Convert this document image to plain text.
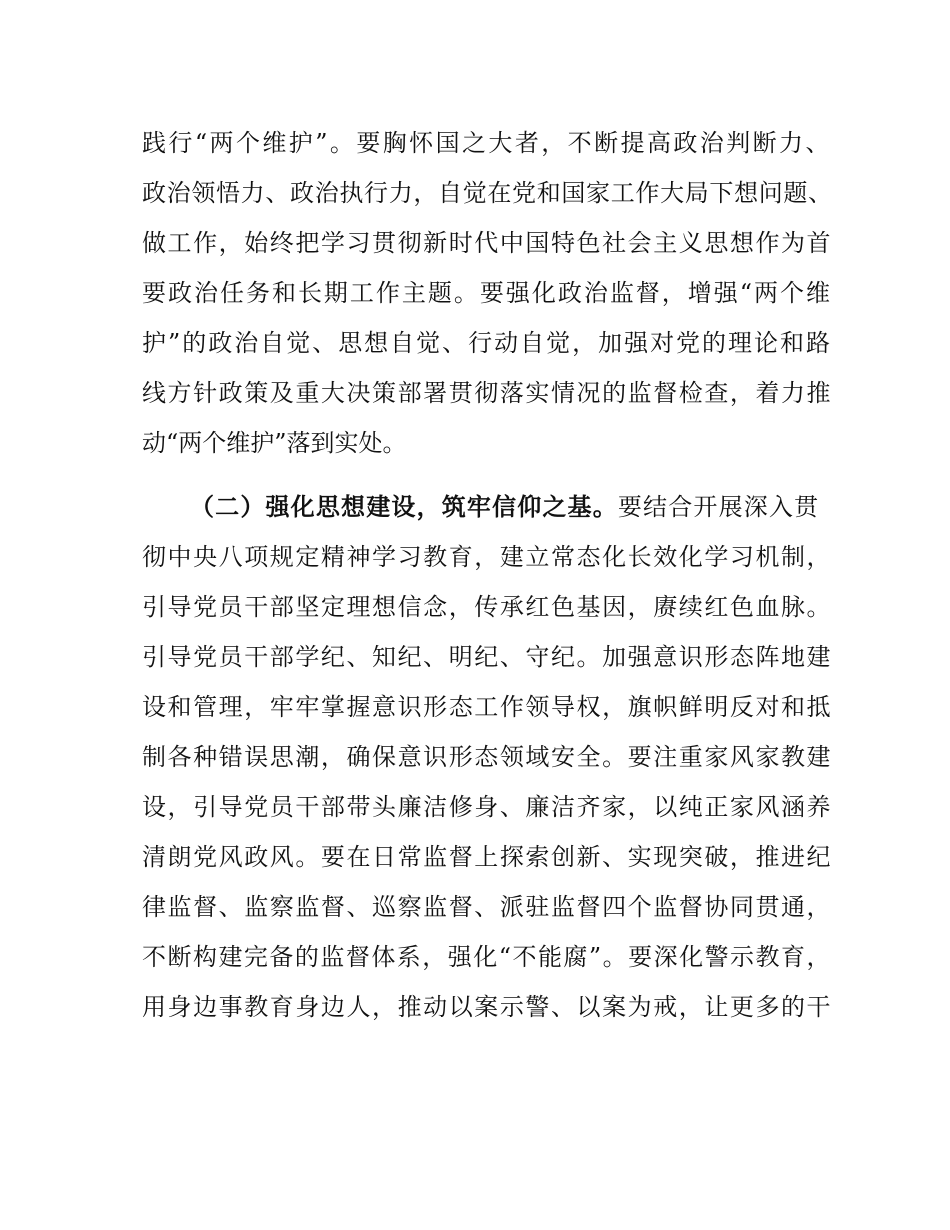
践行“两个维护”。要胸怀国之大者，不断提高政治判断力、
政治领悟力、政治执行力，自觉在党和国家工作大局下想问题、
做工作，始终把学习贯彻新时代中国特色社会主义思想作为首
要政治任务和长期工作主题。要强化政治监督，增强“两个维
护”的政治自觉、思想自觉、行动自觉，加强对党的理论和路
线方针政策及重大决策部署贯彻落实情况的监督检查，着力推
动“两个维护”落到实处。
（二）强化思想建设，筑牢信仰之基。要结合开展深入贯
彻中央八项规定精神学习教育，建立常态化长效化学习机制，
引导党员干部坚定理想信念，传承红色基因，赓续红色血脉。
引导党员干部学纪、知纪、明纪、守纪。加强意识形态阵地建
设和管理，牢牢掌握意识形态工作领导权，旗帜鲜明反对和抵
制各种错误思潮，确保意识形态领域安全。要注重家风家教建
设，引导党员干部带头廉洁修身、廉洁齐家，以纯正家风涵养
清朗党风政风。要在日常监督上探索创新、实现突破，推进纪
律监督、监察监督、巡察监督、派驻监督四个监督协同贯通，
不断构建完备的监督体系，强化“不能腐”。要深化警示教育，
用身边事教育身边人，推动以案示警、以案为戒，让更多的干
